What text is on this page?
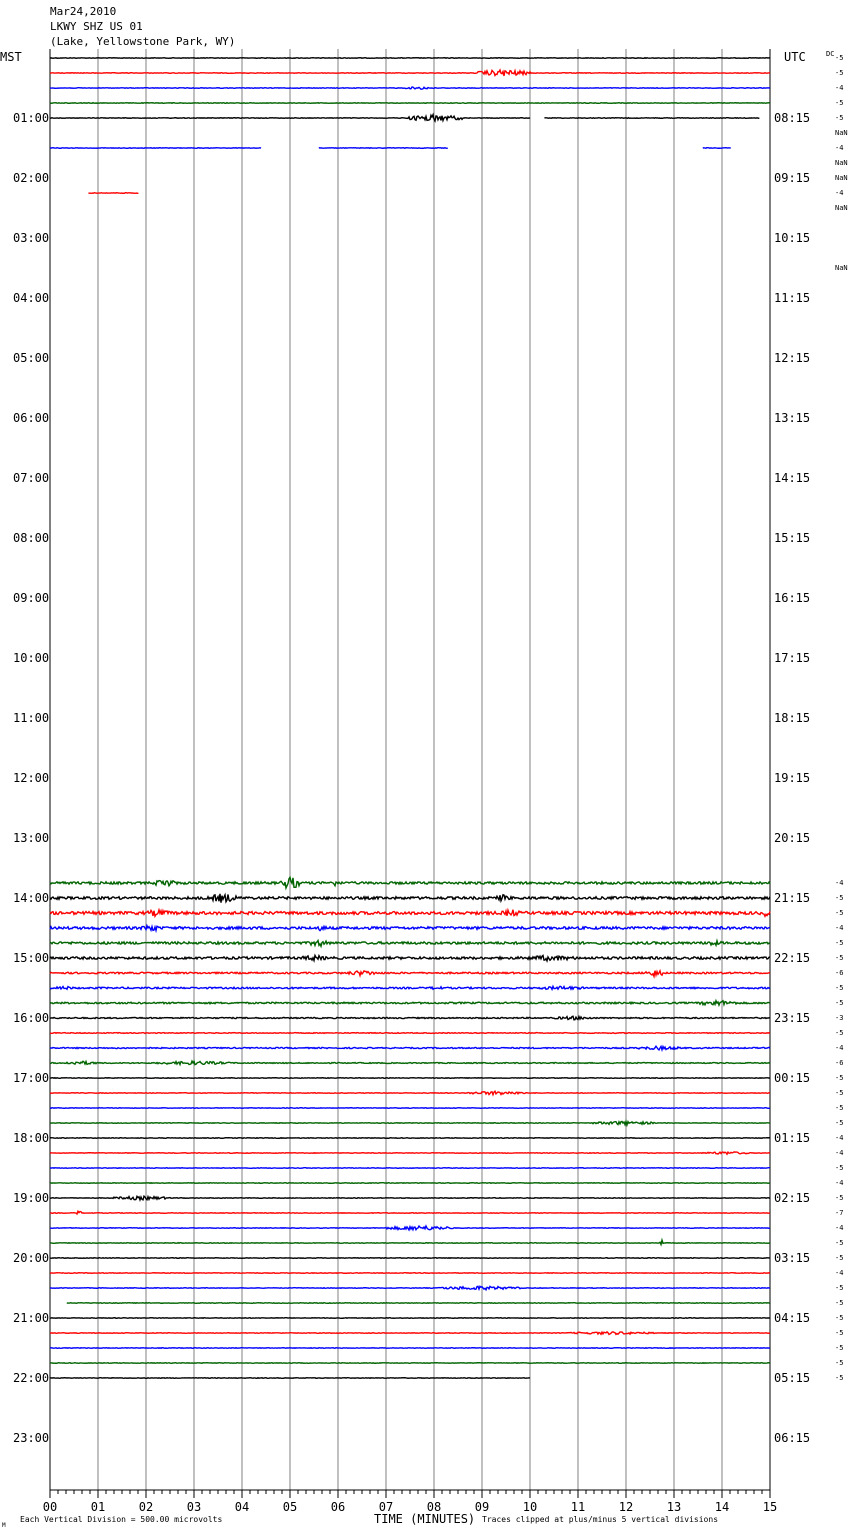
Mar24,2010
LKWY SHZ US 01
(Lake, Yellowstone Park, WY)
01:00	08:15
02:00	09:15
03:00	10:15
04:00	11:15
05:00	12:15
06:00	13:15
07:00	14:15
08:00	15:15
09:00	16:15
10:00	17:15
11:00	18:15
12:00	19:15
13:00	20:15
14:00	21:15
15:00	22:15
16:00	23:15
17:00	00:15
18:00	01:15
19:00	02:15
20:00	03:15
21:00	04:15
22:00	05:15
23:00	06:15
-5
-5
-4
-5
-5
NaN
-4
NaN
NaN
-4
NaN
NaN
-4
-5
-5
-4
-5
-5
-6
-5
-5
-3
-5
-4
-6
-5
-5
-5
-5
-4
-4
-5
-4
-5
-7
-4
-5
-5
-4
-5
-5
-5
-5
-5
-5
-5
00	01	02	03	04	05	06	07	08	09	10	11	12	13	14	15
MST	UTC	DC
TIME (MINUTES)
Each Vertical Division = 500.00 microvolts	Traces clipped at plus/minus 5 vertical divisions
M
